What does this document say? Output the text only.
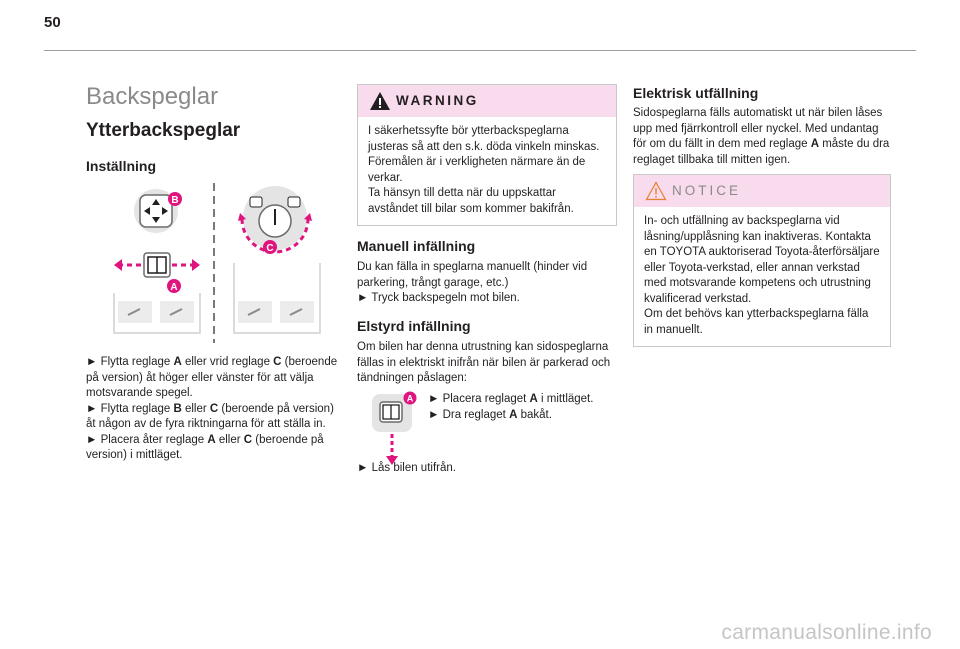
50
Backspeglar
Ytterbackspeglar
Inställning
B
A
C

► Flytta reglage A eller vrid reglage C (beroende på version) åt höger eller vänster för att välja motsvarande spegel.

► Flytta reglage B eller C (beroende på version) åt någon av de fyra riktningarna för att ställa in.

► Placera åter reglage A eller C (beroende på version) i mittläget.

WARNING

I säkerhetssyfte bör ytterbackspeglarna justeras så att den s.k. döda vinkeln minskas. Föremålen är i verkligheten närmare än de verkar.

Ta hänsyn till detta när du uppskattar avståndet till bilar som kommer bakifrån.

Manuell infällning

Du kan fälla in speglarna manuellt (hinder vid parkering, trångt garage, etc.)

► Tryck backspegeln mot bilen.

Elstyrd infällning
Om bilen har denna utrustning kan sidospeglarna fällas in elektriskt inifrån när bilen är parkerad och tändningen påslagen:
A ► Placera reglaget A i mittläget.

► Dra reglaget A bakåt.

► Lås bilen utifrån.
Elektrisk utfällning

Sidospeglarna fälls automatiskt ut när bilen låses upp med fjärrkontroll eller nyckel. Med undantag för om du fällt in dem med reglage A måste du dra reglaget tillbaka till mitten igen.

NOTICE

In- och utfällning av backspeglarna vid låsning/upplåsning kan inaktiveras. Kontakta en TOYOTA auktoriserad Toyota-återförsäljare eller Toyota-verkstad, eller annan verkstad med motsvarande kompetens och utrustning kvalificerad verkstad.

Om det behövs kan ytterbackspeglarna fälla in manuellt.

carmanualsonline.info
